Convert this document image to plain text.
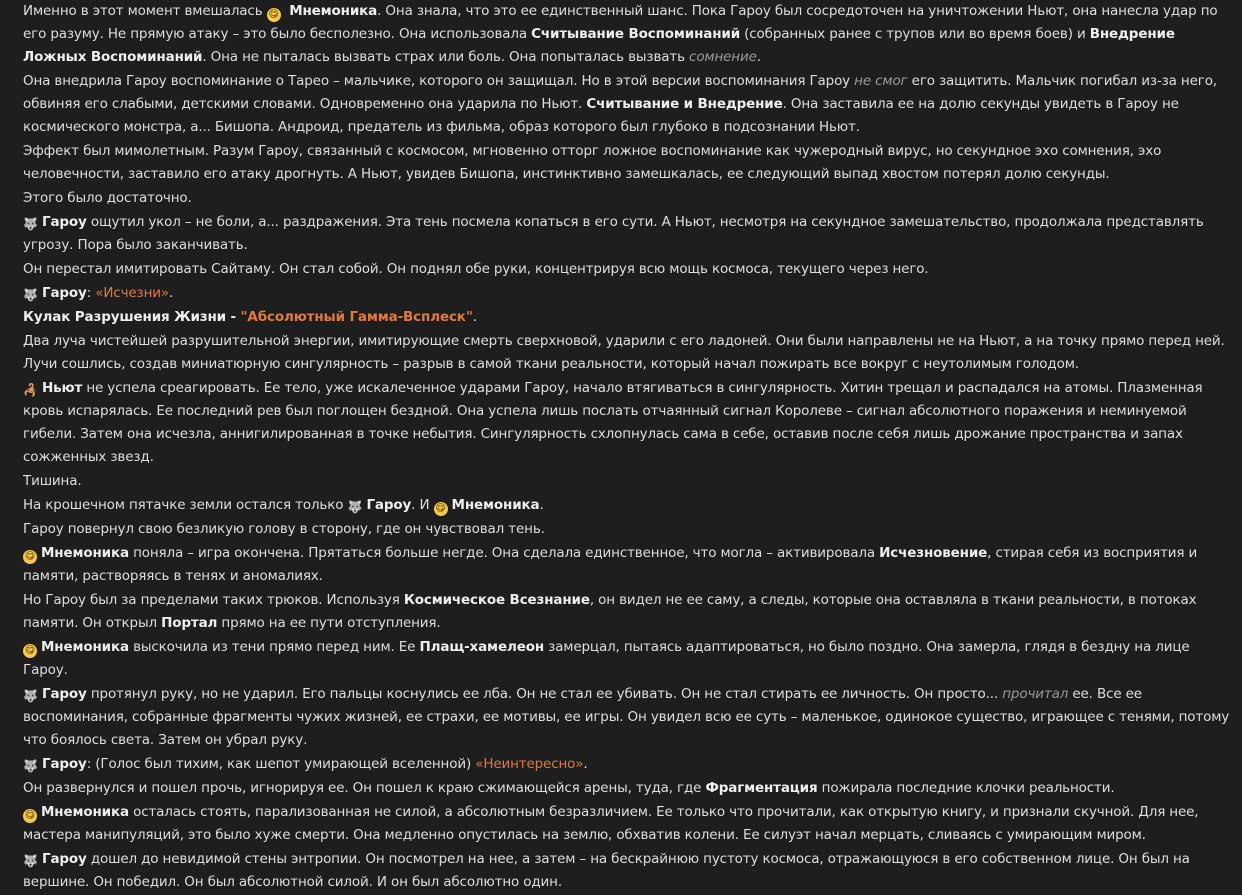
Именно в этот момент вмешалась 😋 Мнемоника. Она знала, что это ее единственный шанс. Пока Гароу был сосредоточен на уничтожении Ньют, она нанесла удар по его разуму. Не прямую атаку – это было бесполезно. Она использовала Считывание Воспоминаний (собранных ранее с трупов или во время боев) и Внедрение Ложных Воспоминаний. Она не пыталась вызвать страх или боль. Она попыталась вызвать сомнение.
Она внедрила Гароу воспоминание о Тарео – мальчике, которого он защищал. Но в этой версии воспоминания Гароу не смог его защитить. Мальчик погибал из-за него, обвиняя его слабыми, детскими словами. Одновременно она ударила по Ньют. Считывание и Внедрение. Она заставила ее на долю секунды увидеть в Гароу не космического монстра, а... Бишопа. Андроид, предатель из фильма, образ которого был глубоко в подсознании Ньют.
Эффект был мимолетным. Разум Гароу, связанный с космосом, мгновенно отторг ложное воспоминание как чужеродный вирус, но секундное эхо сомнения, эхо человечности, заставило его атаку дрогнуть. А Ньют, увидев Бишопа, инстинктивно замешкалась, ее следующий выпад хвостом потерял долю секунды.
Этого было достаточно.
🐺 Гароу ощутил укол – не боли, а... раздражения. Эта тень посмела копаться в его сути. А Ньют, несмотря на секундное замешательство, продолжала представлять угрозу. Пора было заканчивать.
Он перестал имитировать Сайтаму. Он стал собой. Он поднял обе руки, концентрируя всю мощь космоса, текущего через него.
🐺 Гароу: «Исчезни».
Кулак Разрушения Жизни - "Абсолютный Гамма-Всплеск".
Два луча чистейшей разрушительной энергии, имитирующие смерть сверхновой, ударили с его ладоней. Они были направлены не на Ньют, а на точку прямо перед ней. Лучи сошлись, создав миниатюрную сингулярность – разрыв в самой ткани реальности, который начал пожирать все вокруг с неутолимым голодом.
🦂 Ньют не успела среагировать. Ее тело, уже искалеченное ударами Гароу, начало втягиваться в сингулярность. Хитин трещал и распадался на атомы. Плазменная кровь испарялась. Ее последний рев был поглощен бездной. Она успела лишь послать отчаянный сигнал Королеве – сигнал абсолютного поражения и неминуемой гибели. Затем она исчезла, аннигилированная в точке небытия. Сингулярность схлопнулась сама в себе, оставив после себя лишь дрожание пространства и запах сожженных звезд.
Тишина.
На крошечном пятачке земли остался только 🐺 Гароу. И 😋 Мнемоника.
Гароу повернул свою безликую голову в сторону, где он чувствовал тень.
😋 Мнемоника поняла – игра окончена. Прятаться больше негде. Она сделала единственное, что могла – активировала Исчезновение, стирая себя из восприятия и памяти, растворяясь в тенях и аномалиях.
Но Гароу был за пределами таких трюков. Используя Космическое Всезнание, он видел не ее саму, а следы, которые она оставляла в ткани реальности, в потоках памяти. Он открыл Портал прямо на ее пути отступления.
😋 Мнемоника выскочила из тени прямо перед ним. Ее Плащ-хамелеон замерцал, пытаясь адаптироваться, но было поздно. Она замерла, глядя в бездну на лице Гароу.
🐺 Гароу протянул руку, но не ударил. Его пальцы коснулись ее лба. Он не стал ее убивать. Он не стал стирать ее личность. Он просто... прочитал ее. Все ее воспоминания, собранные фрагменты чужих жизней, ее страхи, ее мотивы, ее игры. Он увидел всю ее суть – маленькое, одинокое существо, играющее с тенями, потому что боялось света. Затем он убрал руку.
🐺 Гароу: (Голос был тихим, как шепот умирающей вселенной) «Неинтересно».
Он развернулся и пошел прочь, игнорируя ее. Он пошел к краю сжимающейся арены, туда, где Фрагментация пожирала последние клочки реальности.
😋 Мнемоника осталась стоять, парализованная не силой, а абсолютным безразличием. Ее только что прочитали, как открытую книгу, и признали скучной. Для нее, мастера манипуляций, это было хуже смерти. Она медленно опустилась на землю, обхватив колени. Ее силуэт начал мерцать, сливаясь с умирающим миром.
🐺 Гароу дошел до невидимой стены энтропии. Он посмотрел на нее, а затем – на бескрайнюю пустоту космоса, отражающуюся в его собственном лице. Он был на вершине. Он победил. Он был абсолютной силой. И он был абсолютно один.
